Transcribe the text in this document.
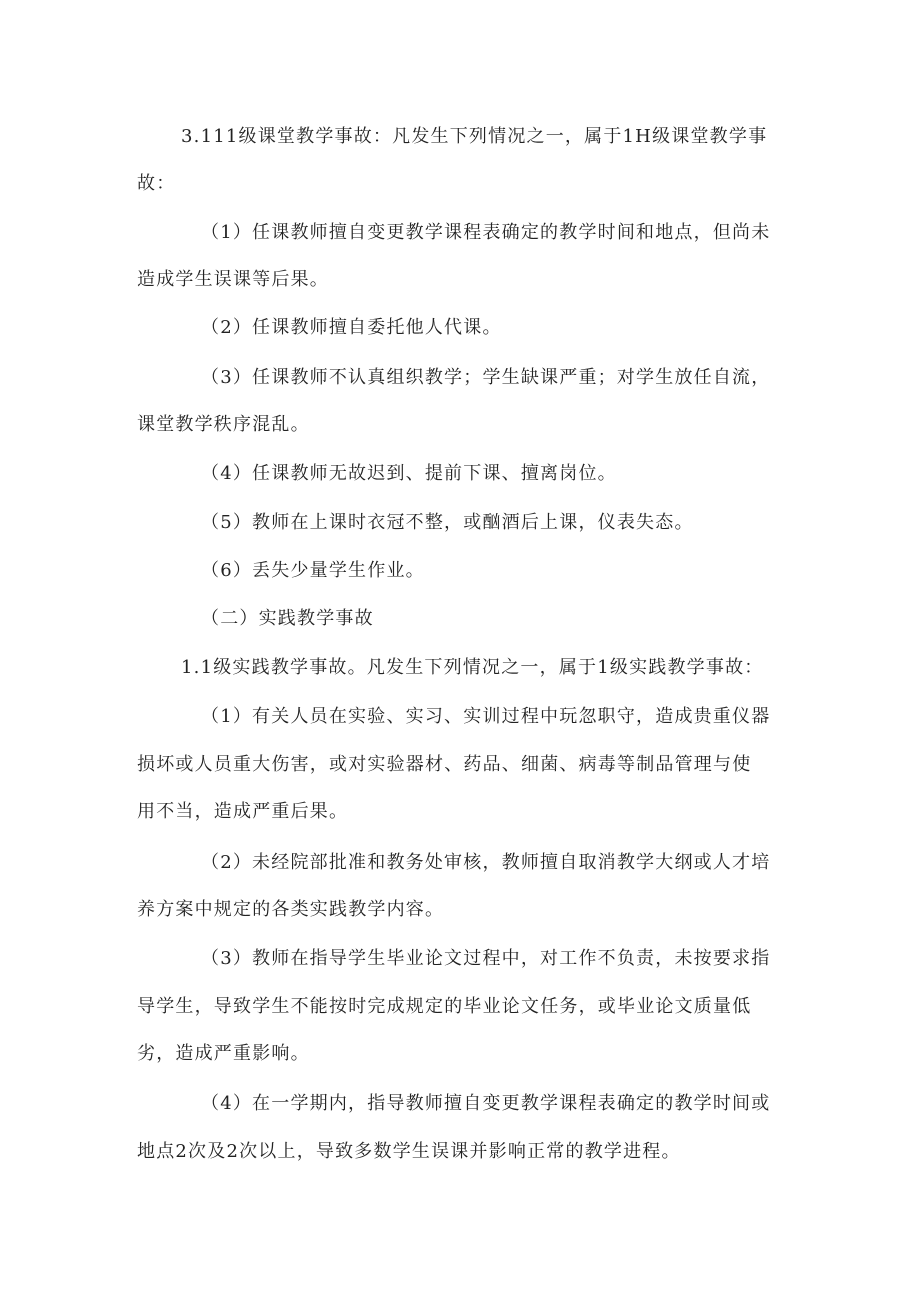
3.111级课堂教学事故：凡发生下列情况之一，属于1H级课堂教学事
故：
（1）任课教师擅自变更教学课程表确定的教学时间和地点，但尚未
造成学生误课等后果。
（2）任课教师擅自委托他人代课。
（3）任课教师不认真组织教学；学生缺课严重；对学生放任自流，
课堂教学秩序混乱。
（4）任课教师无故迟到、提前下课、擅离岗位。
（5）教师在上课时衣冠不整，或酗酒后上课，仪表失态。
（6）丢失少量学生作业。
（二）实践教学事故
1.1级实践教学事故。凡发生下列情况之一，属于1级实践教学事故：
（1）有关人员在实验、实习、实训过程中玩忽职守，造成贵重仪器
损坏或人员重大伤害，或对实验器材、药品、细菌、病毒等制品管理与使
用不当，造成严重后果。
（2）未经院部批准和教务处审核，教师擅自取消教学大纲或人才培
养方案中规定的各类实践教学内容。
（3）教师在指导学生毕业论文过程中，对工作不负责，未按要求指
导学生，导致学生不能按时完成规定的毕业论文任务，或毕业论文质量低
劣，造成严重影响。
（4）在一学期内，指导教师擅自变更教学课程表确定的教学时间或
地点2次及2次以上，导致多数学生误课并影响正常的教学进程。
